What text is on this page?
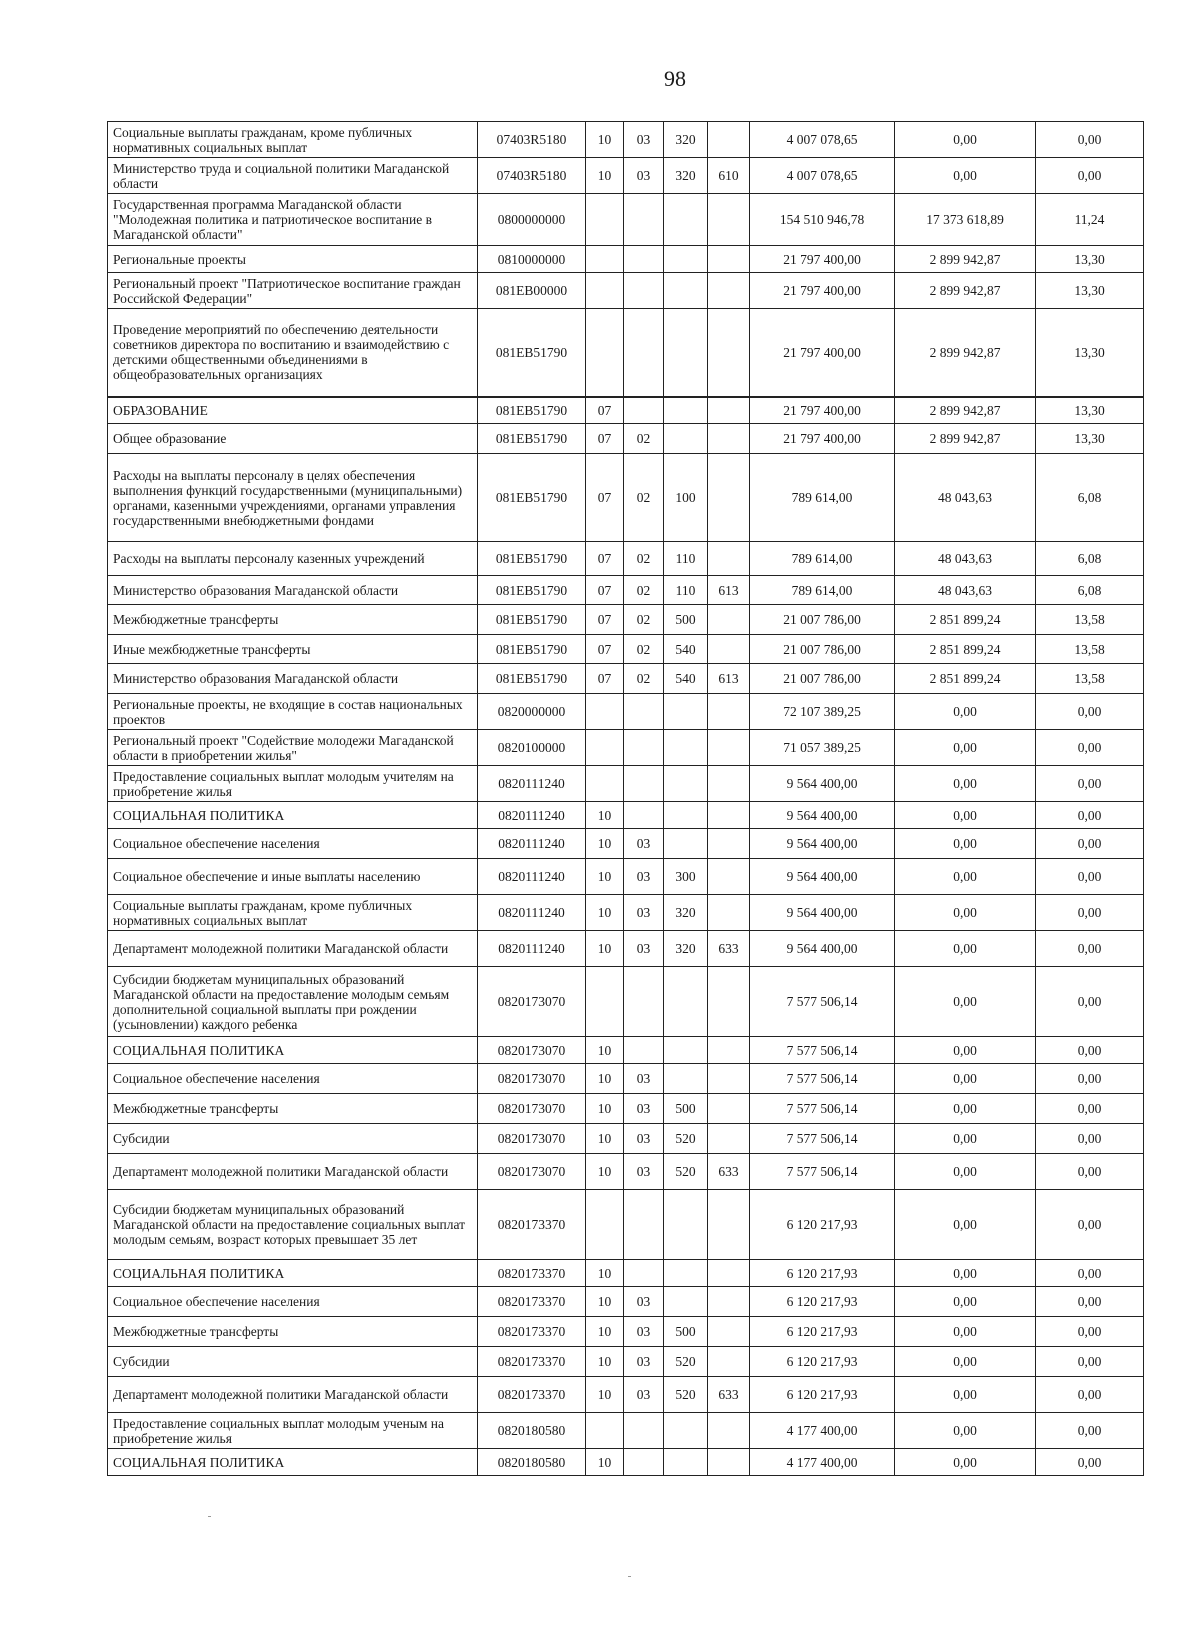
98
Социальные выплаты гражданам, кроме публичных нормативных социальных выплат	07403R5180	10	03	320		4 007 078,65	0,00	0,00
Министерство труда и социальной политики Магаданской области	07403R5180	10	03	320	610	4 007 078,65	0,00	0,00
Государственная программа Магаданской области "Молодежная политика и патриотическое воспитание в Магаданской области"	0800000000					154 510 946,78	17 373 618,89	11,24
Региональные проекты	0810000000					21 797 400,00	2 899 942,87	13,30
Региональный проект "Патриотическое воспитание граждан Российской Федерации"	081EB00000					21 797 400,00	2 899 942,87	13,30
Проведение мероприятий по обеспечению деятельности советников директора по воспитанию и взаимодействию с детскими общественными объединениями в общеобразовательных организациях	081EB51790					21 797 400,00	2 899 942,87	13,30
ОБРАЗОВАНИЕ	081EB51790	07				21 797 400,00	2 899 942,87	13,30
Общее образование	081EB51790	07	02			21 797 400,00	2 899 942,87	13,30
Расходы на выплаты персоналу в целях обеспечения выполнения функций государственными (муниципальными) органами, казенными учреждениями, органами управления государственными внебюджетными фондами	081EB51790	07	02	100		789 614,00	48 043,63	6,08
Расходы на выплаты персоналу казенных учреждений	081EB51790	07	02	110		789 614,00	48 043,63	6,08
Министерство образования Магаданской области	081EB51790	07	02	110	613	789 614,00	48 043,63	6,08
Межбюджетные трансферты	081EB51790	07	02	500		21 007 786,00	2 851 899,24	13,58
Иные межбюджетные трансферты	081EB51790	07	02	540		21 007 786,00	2 851 899,24	13,58
Министерство образования Магаданской области	081EB51790	07	02	540	613	21 007 786,00	2 851 899,24	13,58
Региональные проекты, не входящие в состав национальных проектов	0820000000					72 107 389,25	0,00	0,00
Региональный проект "Содействие молодежи Магаданской области в приобретении жилья"	0820100000					71 057 389,25	0,00	0,00
Предоставление социальных выплат молодым учителям на приобретение жилья	0820111240					9 564 400,00	0,00	0,00
СОЦИАЛЬНАЯ ПОЛИТИКА	0820111240	10				9 564 400,00	0,00	0,00
Социальное обеспечение населения	0820111240	10	03			9 564 400,00	0,00	0,00
Социальное обеспечение и иные выплаты населению	0820111240	10	03	300		9 564 400,00	0,00	0,00
Социальные выплаты гражданам, кроме публичных нормативных социальных выплат	0820111240	10	03	320		9 564 400,00	0,00	0,00
Департамент молодежной политики Магаданской области	0820111240	10	03	320	633	9 564 400,00	0,00	0,00
Субсидии бюджетам муниципальных образований Магаданской области на предоставление молодым семьям дополнительной социальной выплаты при рождении (усыновлении) каждого ребенка	0820173070					7 577 506,14	0,00	0,00
СОЦИАЛЬНАЯ ПОЛИТИКА	0820173070	10				7 577 506,14	0,00	0,00
Социальное обеспечение населения	0820173070	10	03			7 577 506,14	0,00	0,00
Межбюджетные трансферты	0820173070	10	03	500		7 577 506,14	0,00	0,00
Субсидии	0820173070	10	03	520		7 577 506,14	0,00	0,00
Департамент молодежной политики Магаданской области	0820173070	10	03	520	633	7 577 506,14	0,00	0,00
Субсидии бюджетам муниципальных образований Магаданской области на предоставление социальных выплат молодым семьям, возраст которых превышает 35 лет	0820173370					6 120 217,93	0,00	0,00
СОЦИАЛЬНАЯ ПОЛИТИКА	0820173370	10				6 120 217,93	0,00	0,00
Социальное обеспечение населения	0820173370	10	03			6 120 217,93	0,00	0,00
Межбюджетные трансферты	0820173370	10	03	500		6 120 217,93	0,00	0,00
Субсидии	0820173370	10	03	520		6 120 217,93	0,00	0,00
Департамент молодежной политики Магаданской области	0820173370	10	03	520	633	6 120 217,93	0,00	0,00
Предоставление социальных выплат молодым ученым на приобретение жилья	0820180580					4 177 400,00	0,00	0,00
СОЦИАЛЬНАЯ ПОЛИТИКА	0820180580	10				4 177 400,00	0,00	0,00
